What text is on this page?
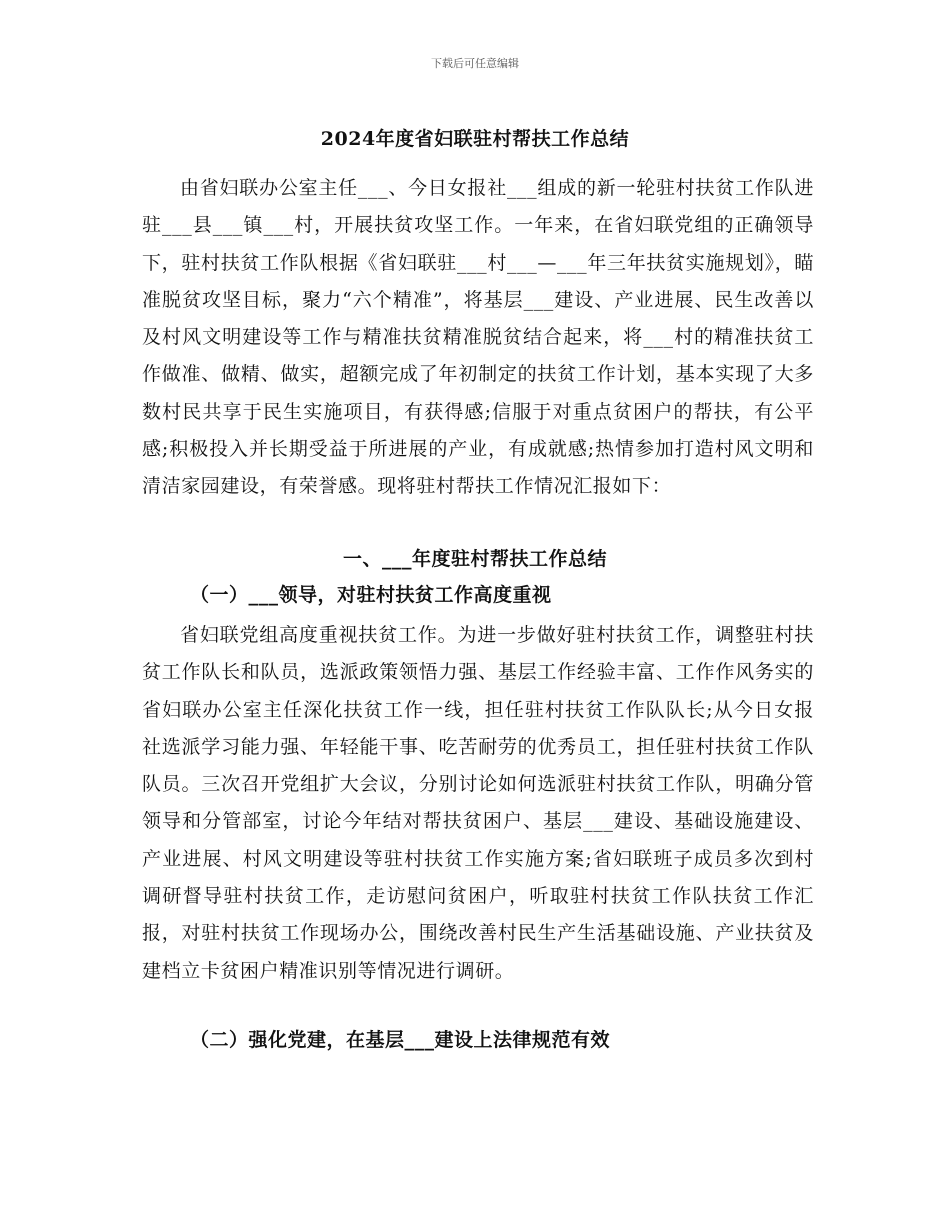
下载后可任意编辑
2024年度省妇联驻村帮扶工作总结

由省妇联办公室主任___、今日女报社___组成的新一轮驻村扶贫工作队进驻___县___镇___村，开展扶贫攻坚工作。一年来，在省妇联党组的正确领导下，驻村扶贫工作队根据《省妇联驻___村___—___年三年扶贫实施规划》，瞄准脱贫攻坚目标，聚力“六个精准”，将基层___建设、产业进展、民生改善以及村风文明建设等工作与精准扶贫精准脱贫结合起来，将___村的精准扶贫工作做准、做精、做实，超额完成了年初制定的扶贫工作计划，基本实现了大多数村民共享于民生实施项目，有获得感;信服于对重点贫困户的帮扶，有公平感;积极投入并长期受益于所进展的产业，有成就感;热情参加打造村风文明和清洁家园建设，有荣誉感。现将驻村帮扶工作情况汇报如下：

一、___年度驻村帮扶工作总结
（一）___领导，对驻村扶贫工作高度重视

省妇联党组高度重视扶贫工作。为进一步做好驻村扶贫工作，调整驻村扶贫工作队长和队员，选派政策领悟力强、基层工作经验丰富、工作作风务实的省妇联办公室主任深化扶贫工作一线，担任驻村扶贫工作队队长;从今日女报社选派学习能力强、年轻能干事、吃苦耐劳的优秀员工，担任驻村扶贫工作队队员。三次召开党组扩大会议，分别讨论如何选派驻村扶贫工作队，明确分管领导和分管部室，讨论今年结对帮扶贫困户、基层___建设、基础设施建设、产业进展、村风文明建设等驻村扶贫工作实施方案;省妇联班子成员多次到村调研督导驻村扶贫工作，走访慰问贫困户，听取驻村扶贫工作队扶贫工作汇报，对驻村扶贫工作现场办公，围绕改善村民生产生活基础设施、产业扶贫及建档立卡贫困户精准识别等情况进行调研。

（二）强化党建，在基层___建设上法律规范有效
